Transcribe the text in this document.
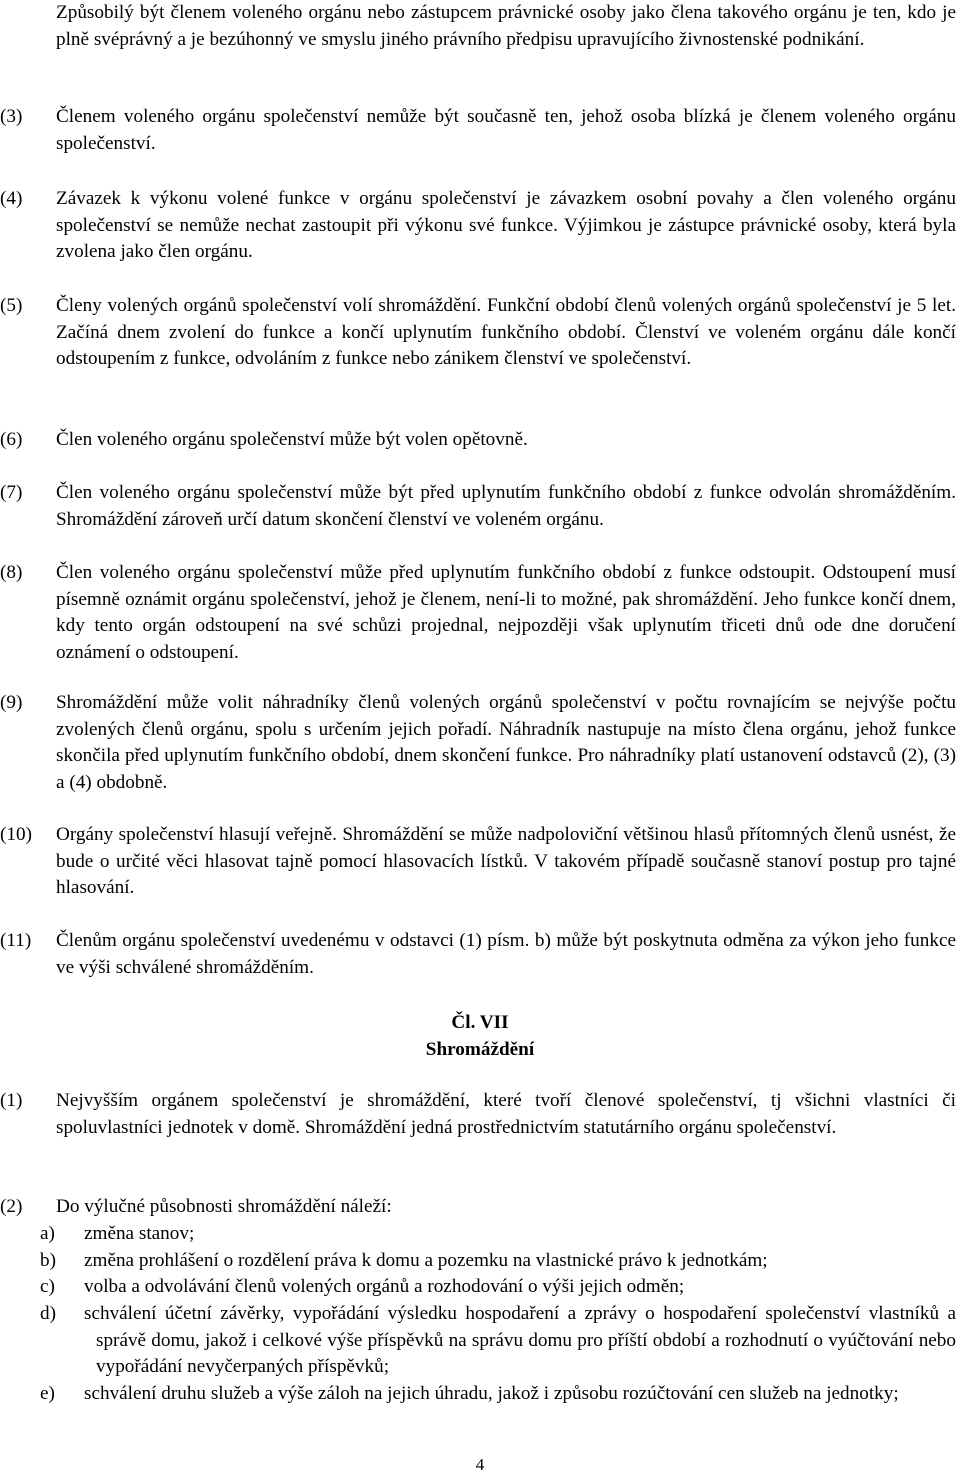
Způsobilý být členem voleného orgánu nebo zástupcem právnické osoby jako člena takového orgánu je ten, kdo je plně svéprávný a je bezúhonný ve smyslu jiného právního předpisu upravujícího živnostenské podnikání.
(3) Členem voleného orgánu společenství nemůže být současně ten, jehož osoba blízká je členem voleného orgánu společenství.
(4) Závazek k výkonu volené funkce v orgánu společenství je závazkem osobní povahy a člen voleného orgánu společenství se nemůže nechat zastoupit při výkonu své funkce. Výjimkou je zástupce právnické osoby, která byla zvolena jako člen orgánu.
(5) Členy volených orgánů společenství volí shromáždění. Funkční období členů volených orgánů společenství je 5 let. Začíná dnem zvolení do funkce a končí uplynutím funkčního období. Členství ve voleném orgánu dále končí odstoupením z funkce, odvoláním z funkce nebo zánikem členství ve společenství.
(6) Člen voleného orgánu společenství může být volen opětovně.
(7) Člen voleného orgánu společenství může být před uplynutím funkčního období z funkce odvolán shromážděním. Shromáždění zároveň určí datum skončení členství ve voleném orgánu.
(8) Člen voleného orgánu společenství může před uplynutím funkčního období z funkce odstoupit. Odstoupení musí písemně oznámit orgánu společenství, jehož je členem, není-li to možné, pak shromáždění. Jeho funkce končí dnem, kdy tento orgán odstoupení na své schůzi projednal, nejpozději však uplynutím třiceti dnů ode dne doručení oznámení o odstoupení.
(9) Shromáždění může volit náhradníky členů volených orgánů společenství v počtu rovnajícím se nejvýše počtu zvolených členů orgánu, spolu s určením jejich pořadí. Náhradník nastupuje na místo člena orgánu, jehož funkce skončila před uplynutím funkčního období, dnem skončení funkce. Pro náhradníky platí ustanovení odstavců (2), (3) a (4) obdobně.
(10) Orgány společenství hlasují veřejně. Shromáždění se může nadpoloviční většinou hlasů přítomných členů usnést, že bude o určité věci hlasovat tajně pomocí hlasovacích lístků. V takovém případě současně stanoví postup pro tajné hlasování.
(11) Členům orgánu společenství uvedenému v odstavci (1) písm. b) může být poskytnuta odměna za výkon jeho funkce ve výši schválené shromážděním.
Čl. VII
Shromáždění
(1) Nejvyšším orgánem společenství je shromáždění, které tvoří členové společenství, tj všichni vlastníci či spoluvlastníci jednotek v domě. Shromáždění jedná prostřednictvím statutárního orgánu společenství.
(2) Do výlučné působnosti shromáždění náleží:
a) změna stanov;
b) změna prohlášení o rozdělení práva k domu a pozemku na vlastnické právo k jednotkám;
c) volba a odvolávání členů volených orgánů a rozhodování o výši jejich odměn;
d) schválení účetní závěrky, vypořádání výsledku hospodaření a zprávy o hospodaření společenství vlastníků a správě domu, jakož i celkové výše příspěvků na správu domu pro příští období a rozhodnutí o vyúčtování nebo vypořádání nevyčerpaných příspěvků;
e) schválení druhu služeb a výše záloh na jejich úhradu, jakož i způsobu rozúčtování cen služeb na jednotky;
4
